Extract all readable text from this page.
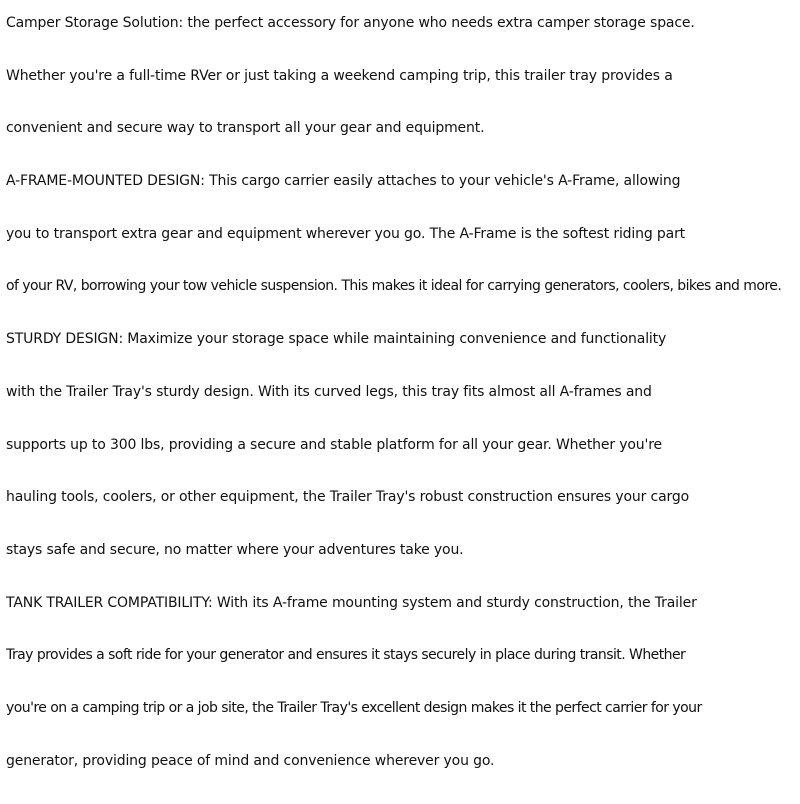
Camper Storage Solution: the perfect accessory for anyone who needs extra camper storage space.
Whether you're a full-time RVer or just taking a weekend camping trip, this trailer tray provides a
convenient and secure way to transport all your gear and equipment.
A-FRAME-MOUNTED DESIGN: This cargo carrier easily attaches to your vehicle's A-Frame, allowing
you to transport extra gear and equipment wherever you go. The A-Frame is the softest riding part
of your RV, borrowing your tow vehicle suspension. This makes it ideal for carrying generators, coolers, bikes and more.
STURDY DESIGN: Maximize your storage space while maintaining convenience and functionality
with the Trailer Tray's sturdy design. With its curved legs, this tray fits almost all A-frames and
supports up to 300 lbs, providing a secure and stable platform for all your gear. Whether you're
hauling tools, coolers, or other equipment, the Trailer Tray's robust construction ensures your cargo
stays safe and secure, no matter where your adventures take you.
TANK TRAILER COMPATIBILITY: With its A-frame mounting system and sturdy construction, the Trailer
Tray provides a soft ride for your generator and ensures it stays securely in place during transit. Whether
you're on a camping trip or a job site, the Trailer Tray's excellent design makes it the perfect carrier for your
generator, providing peace of mind and convenience wherever you go.
